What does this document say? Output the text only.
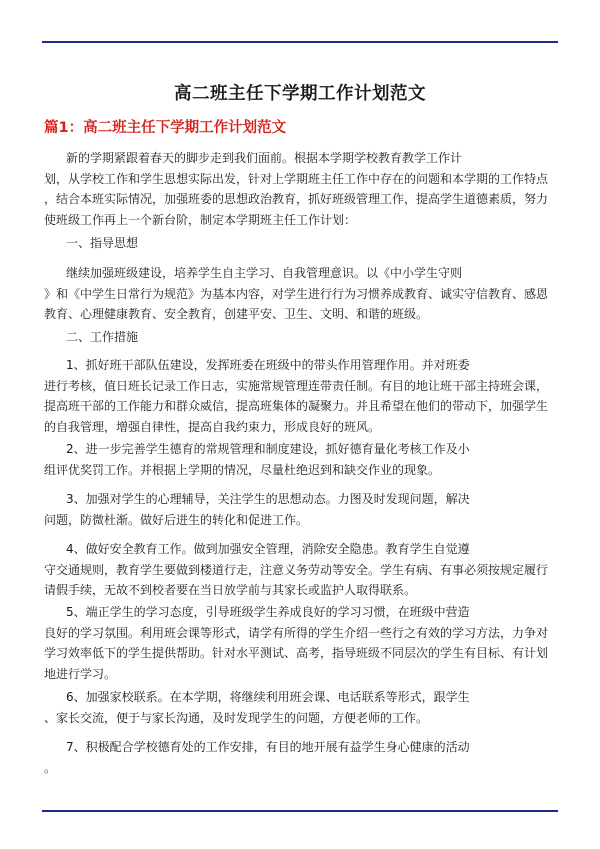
高二班主任下学期工作计划范文
篇1：高二班主任下学期工作计划范文
新的学期紧跟着春天的脚步走到我们面前。根据本学期学校教育教学工作计
划，从学校工作和学生思想实际出发，针对上学期班主任工作中存在的问题和本学期的工作特点
，结合本班实际情况，加强班委的思想政治教育，抓好班级管理工作，提高学生道德素质，努力
使班级工作再上一个新台阶，制定本学期班主任工作计划：
一、指导思想
继续加强班级建设，培养学生自主学习、自我管理意识。以《中小学生守则
》和《中学生日常行为规范》为基本内容，对学生进行行为习惯养成教育、诚实守信教育、感恩
教育、心理健康教育、安全教育，创建平安、卫生、文明、和谐的班级。
二、工作措施
1、抓好班干部队伍建设，发挥班委在班级中的带头作用管理作用。并对班委
进行考核，值日班长记录工作日志，实施常规管理连带责任制。有目的地让班干部主持班会课，
提高班干部的工作能力和群众威信，提高班集体的凝聚力。并且希望在他们的带动下，加强学生
的自我管理，增强自律性，提高自我约束力，形成良好的班风。
2、进一步完善学生德育的常规管理和制度建设，抓好德育量化考核工作及小
组评优奖罚工作。并根据上学期的情况，尽量杜绝迟到和缺交作业的现象。
3、加强对学生的心理辅导，关注学生的思想动态。力图及时发现问题，解决
问题，防微杜渐。做好后进生的转化和促进工作。
4、做好安全教育工作。做到加强安全管理，消除安全隐患。教育学生自觉遵
守交通规则，教育学生要做到楼道行走，注意义务劳动等安全。学生有病、有事必须按规定履行
请假手续，无故不到校者要在当日放学前与其家长或监护人取得联系。
5、端正学生的学习态度，引导班级学生养成良好的学习习惯，在班级中营造
良好的学习氛围。利用班会课等形式，请学有所得的学生介绍一些行之有效的学习方法，力争对
学习效率低下的学生提供帮助。针对水平测试、高考，指导班级不同层次的学生有目标、有计划
地进行学习。
6、加强家校联系。在本学期，将继续利用班会课、电话联系等形式，跟学生
、家长交流，便于与家长沟通，及时发现学生的问题，方便老师的工作。
7、积极配合学校德育处的工作安排，有目的地开展有益学生身心健康的活动
。
